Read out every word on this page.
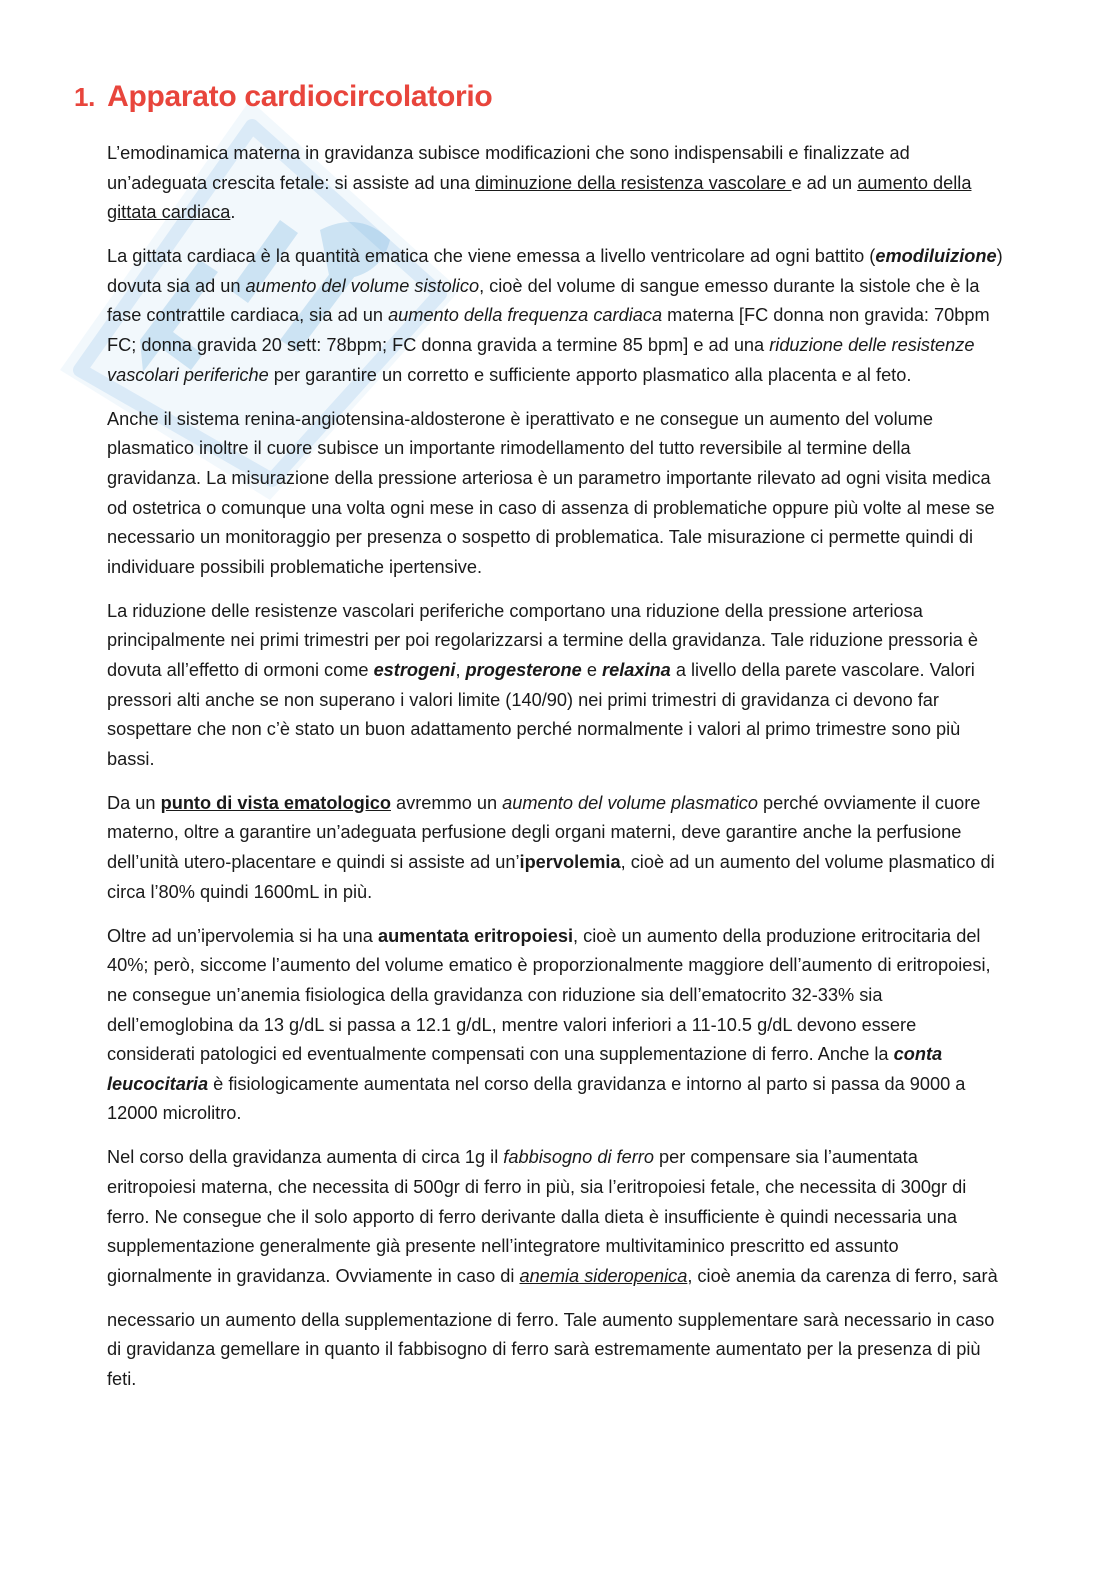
1. Apparato cardiocircolatorio

L’emodinamica materna in gravidanza subisce modificazioni che sono indispensabili e finalizzate ad un’adeguata crescita fetale: si assiste ad una diminuzione della resistenza vascolare e ad un aumento della gittata cardiaca.

La gittata cardiaca è la quantità ematica che viene emessa a livello ventricolare ad ogni battito (emodiluizione) dovuta sia ad un aumento del volume sistolico, cioè del volume di sangue emesso durante la sistole che è la fase contrattile cardiaca, sia ad un aumento della frequenza cardiaca materna [FC donna non gravida: 70bpm FC; donna gravida 20 sett: 78bpm; FC donna gravida a termine 85 bpm] e ad una riduzione delle resistenze vascolari periferiche per garantire un corretto e sufficiente apporto plasmatico alla placenta e al feto.

Anche il sistema renina-angiotensina-aldosterone è iperattivato e ne consegue un aumento del volume plasmatico inoltre il cuore subisce un importante rimodellamento del tutto reversibile al termine della gravidanza. La misurazione della pressione arteriosa è un parametro importante rilevato ad ogni visita medica od ostetrica o comunque una volta ogni mese in caso di assenza di problematiche oppure più volte al mese se necessario un monitoraggio per presenza o sospetto di problematica. Tale misurazione ci permette quindi di individuare possibili problematiche ipertensive.

La riduzione delle resistenze vascolari periferiche comportano una riduzione della pressione arteriosa principalmente nei primi trimestri per poi regolarizzarsi a termine della gravidanza. Tale riduzione pressoria è dovuta all’effetto di ormoni come estrogeni, progesterone e relaxina a livello della parete vascolare. Valori pressori alti anche se non superano i valori limite (140/90) nei primi trimestri di gravidanza ci devono far sospettare che non c’è stato un buon adattamento perché normalmente i valori al primo trimestre sono più bassi.

Da un punto di vista ematologico avremmo un aumento del volume plasmatico perché ovviamente il cuore materno, oltre a garantire un’adeguata perfusione degli organi materni, deve garantire anche la perfusione dell’unità utero-placentare e quindi si assiste ad un’ipervolemia, cioè ad un aumento del volume plasmatico di circa l’80% quindi 1600mL in più.

Oltre ad un’ipervolemia si ha una aumentata eritropoiesi, cioè un aumento della produzione eritrocitaria del 40%; però, siccome l’aumento del volume ematico è proporzionalmente maggiore dell’aumento di eritropoiesi, ne consegue un’anemia fisiologica della gravidanza con riduzione sia dell’ematocrito 32-33% sia dell’emoglobina da 13 g/dL si passa a 12.1 g/dL, mentre valori inferiori a 11-10.5 g/dL devono essere considerati patologici ed eventualmente compensati con una supplementazione di ferro. Anche la conta leucocitaria è fisiologicamente aumentata nel corso della gravidanza e intorno al parto si passa da 9000 a 12000 microlitro.

Nel corso della gravidanza aumenta di circa 1g il fabbisogno di ferro per compensare sia l’aumentata eritropoiesi materna, che necessita di 500gr di ferro in più, sia l’eritropoiesi fetale, che necessita di 300gr di ferro. Ne consegue che il solo apporto di ferro derivante dalla dieta è insufficiente è quindi necessaria una supplementazione generalmente già presente nell’integratore multivitaminico prescritto ed assunto giornalmente in gravidanza. Ovviamente in caso di anemia sideropenica, cioè anemia da carenza di ferro, sarà

necessario un aumento della supplementazione di ferro. Tale aumento supplementare sarà necessario in caso di gravidanza gemellare in quanto il fabbisogno di ferro sarà estremamente aumentato per la presenza di più feti.
